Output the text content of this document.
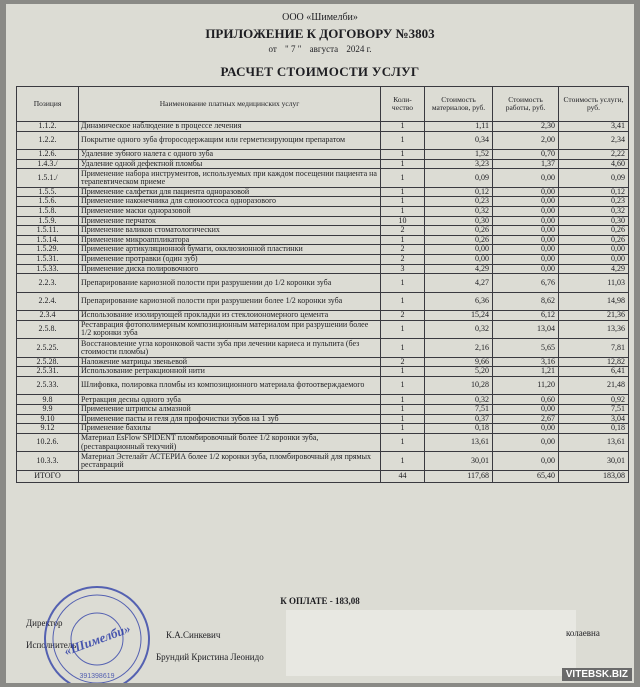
ООО «Шимелби»
ПРИЛОЖЕНИЕ К ДОГОВОРУ №3803
от " 7 " августа 2024 г.
РАСЧЕТ СТОИМОСТИ УСЛУГ
Позиция	Наименование платных медицинских услуг	Коли-чество	Стоимость материалов, руб.	Стоимость работы, руб.	Стоимость услуги, руб.
1.1.2.	Динамическое наблюдение в процессе лечения	1	1,11	2,30	3,41
1.2.2.	Покрытие одного зуба фторосодержащим или герметизирующим препаратом	1	0,34	2,00	2,34
1.2.6.	Удаление зубного налета с одного зуба	1	1,52	0,70	2,22
1.4.3./	Удаление одной дефектной пломбы	1	3,23	1,37	4,60
1.5.1./	Применение набора инструментов, используемых при каждом посещении пациента на терапевтическом приеме	1	0,09	0,00	0,09
1.5.5.	Применение салфетки для пациента одноразовой	1	0,12	0,00	0,12
1.5.6.	Применение наконечника для слюноотсоса одноразового	1	0,23	0,00	0,23
1.5.8.	Применение маски одноразовой	1	0,32	0,00	0,32
1.5.9.	Применение перчаток	10	0,30	0,00	0,30
1.5.11.	Применение валиков стоматологических	2	0,26	0,00	0,26
1.5.14.	Применение микроаппликатора	1	0,26	0,00	0,26
1.5.29.	Применение артикуляционной бумаги, окклюзионной пластинки	2	0,00	0,00	0,00
1.5.31.	Применение протравки (один зуб)	2	0,00	0,00	0,00
1.5.33.	Применение диска полировочного	3	4,29	0,00	4,29
2.2.3.	Препарирование кариозной полости при разрушении до 1/2 коронки зуба	1	4,27	6,76	11,03
2.2.4.	Препарирование кариозной полости при разрушении более 1/2 коронки зуба	1	6,36	8,62	14,98
2.3.4	Использование изолирующей прокладки из стеклоиономерного цемента	2	15,24	6,12	21,36
2.5.8.	Реставрация фотополимерным композиционным материалом при разрушении более 1/2 коронки зуба	1	0,32	13,04	13,36
2.5.25.	Восстановление угла коронковой части зуба при лечении кариеса и пульпита (без стоимости пломбы)	1	2,16	5,65	7,81
2.5.28.	Наложение матрицы звеньевой	2	9,66	3,16	12,82
2.5.31.	Использование ретракционной нити	1	5,20	1,21	6,41
2.5.33.	Шлифовка, полировка пломбы из композиционного материала фотоотверждаемого	1	10,28	11,20	21,48
9.8	Ретракция десны одного зуба	1	0,32	0,60	0,92
9.9	Применение штрипсы алмазной	1	7,51	0,00	7,51
9.10	Применение пасты и геля для профочистки зубов на 1 зуб	1	0,37	2,67	3,04
9.12	Применение бахилы	1	0,18	0,00	0,18
10.2.6.	Материал EsFlow SPIDENT пломбировочный более 1/2 коронки зуба, (реставрационный текучий)	1	13,61	0,00	13,61
10.3.3.	Материал Эстелайт АСТЕРИА более 1/2 коронки зуба, пломбировочный для прямых реставраций	1	30,01	0,00	30,01
ИТОГО		44	117,68	65,40	183,08
К ОПЛАТЕ - 183,08
Директор
К.А.Синкевич
Исполнитель
Брундий Кристина Леонидо
колаевна
«Шимелби»
391398619	VITEBSK.BIZ
